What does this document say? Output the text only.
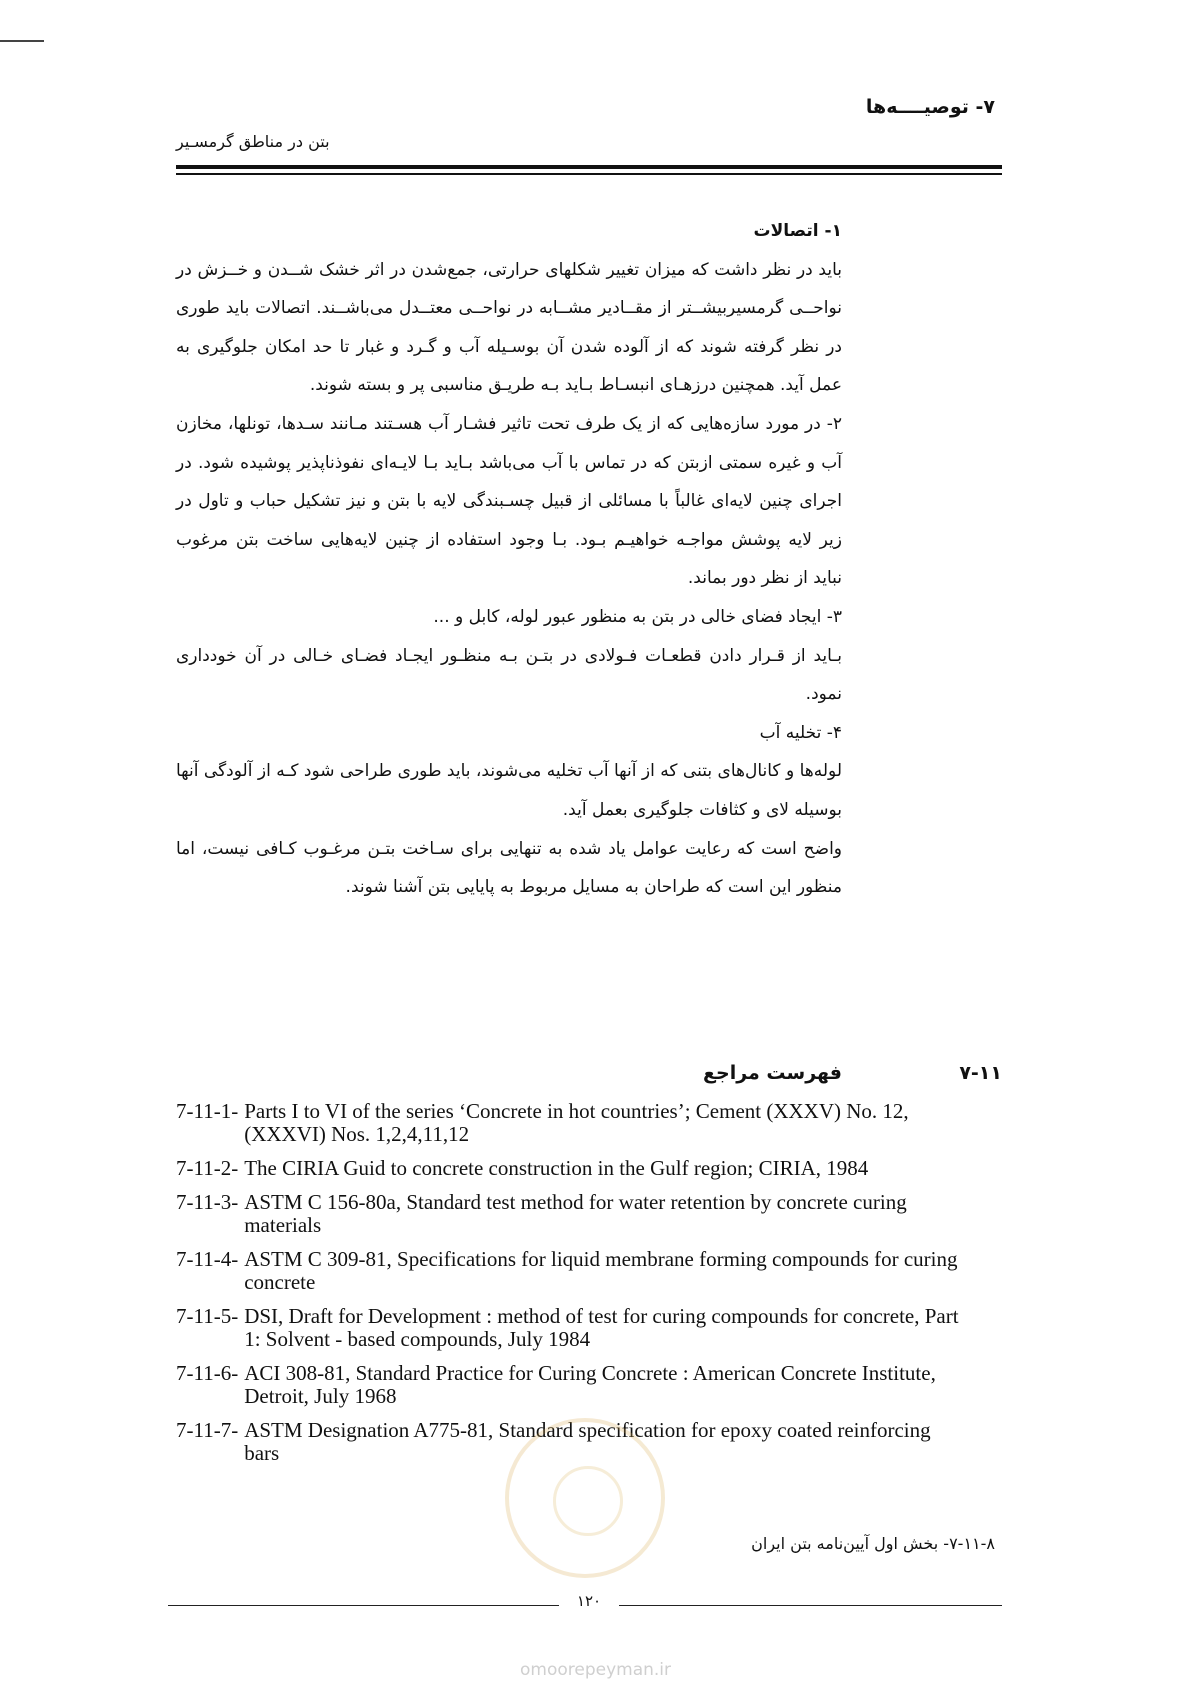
۷- توصیــــه‌ها
بتن در مناطق گرمسـیر

۱- اتصالات

باید در نظر داشت که میزان تغییر شکلهای حرارتی، جمع‌شدن در اثر خشک شــدن و خــزش در نواحــی گرمسیربیشــتر از مقــادیر مشــابه در نواحــی معتــدل می‌باشــند. اتصالات باید طوری در نظر گرفته شوند که از آلوده شدن آن بوسـیله آب و گـرد و غبار تا حد امکان جلوگیری به عمل آید. همچنین درزهـای انبسـاط بـاید بـه طریـق مناسبی پر و بسته شوند.

۲- در مورد سازه‌هایی که از یک طرف تحت تاثیر فشـار آب هسـتند مـانند سـدها، تونلها، مخازن آب و غیره سمتی ازبتن که در تماس با آب می‌باشد بـاید بـا لایـه‌ای نفوذناپذیر پوشیده شود. در اجرای چنین لایه‌ای غالباً با مسائلی از قبیل چسـبندگی لایه با بتن و نیز تشکیل حباب و تاول در زیر لایه پوشش مواجـه خواهیـم بـود. بـا وجود استفاده از چنین لایه‌هایی ساخت بتن مرغوب نباید از نظر دور بماند.

۳- ایجاد فضای خالی در بتن به منظور عبور لوله، کابل و ...

بـاید از قـرار دادن قطعـات فـولادی در بتـن بـه منظـور ایجـاد فضـای خـالی در آن خودداری نمود.

۴- تخلیه آب

لوله‌ها و کانال‌های بتنی که از آنها آب تخلیه می‌شوند، باید طوری طراحی شود کـه از آلودگی آنها بوسیله لای و کثافات جلوگیری بعمل آید.

واضح است که رعایت عوامل یاد شده به تنهایی برای سـاخت بتـن مرغـوب کـافی نیست، اما منظور این است که طراحان به مسایل مربوط به پایایی بتن آشنا شوند.

۷-۱۱
فهرست مراجع
7-11-1- Parts I to VI of the series ‘Concrete in hot countries’; Cement (XXXV) No. 12, (XXXVI) Nos. 1,2,4,11,12
7-11-2- The CIRIA Guid to concrete construction in the Gulf region; CIRIA, 1984
7-11-3- ASTM C 156-80a, Standard test method for water retention by concrete curing materials
7-11-4- ASTM C 309-81, Specifications for liquid membrane forming compounds for curing concrete
7-11-5- DSI, Draft for Development : method of test for curing compounds for concrete, Part 1: Solvent - based compounds, July 1984
7-11-6- ACI 308-81, Standard Practice for Curing Concrete : American Concrete Institute, Detroit, July 1968
7-11-7- ASTM Designation A775-81, Standard specification for epoxy coated reinforcing bars
۷-۱۱-۸- بخش اول آیین‌نامه بتن ایران
۱۲۰
omoorepeyman.ir
